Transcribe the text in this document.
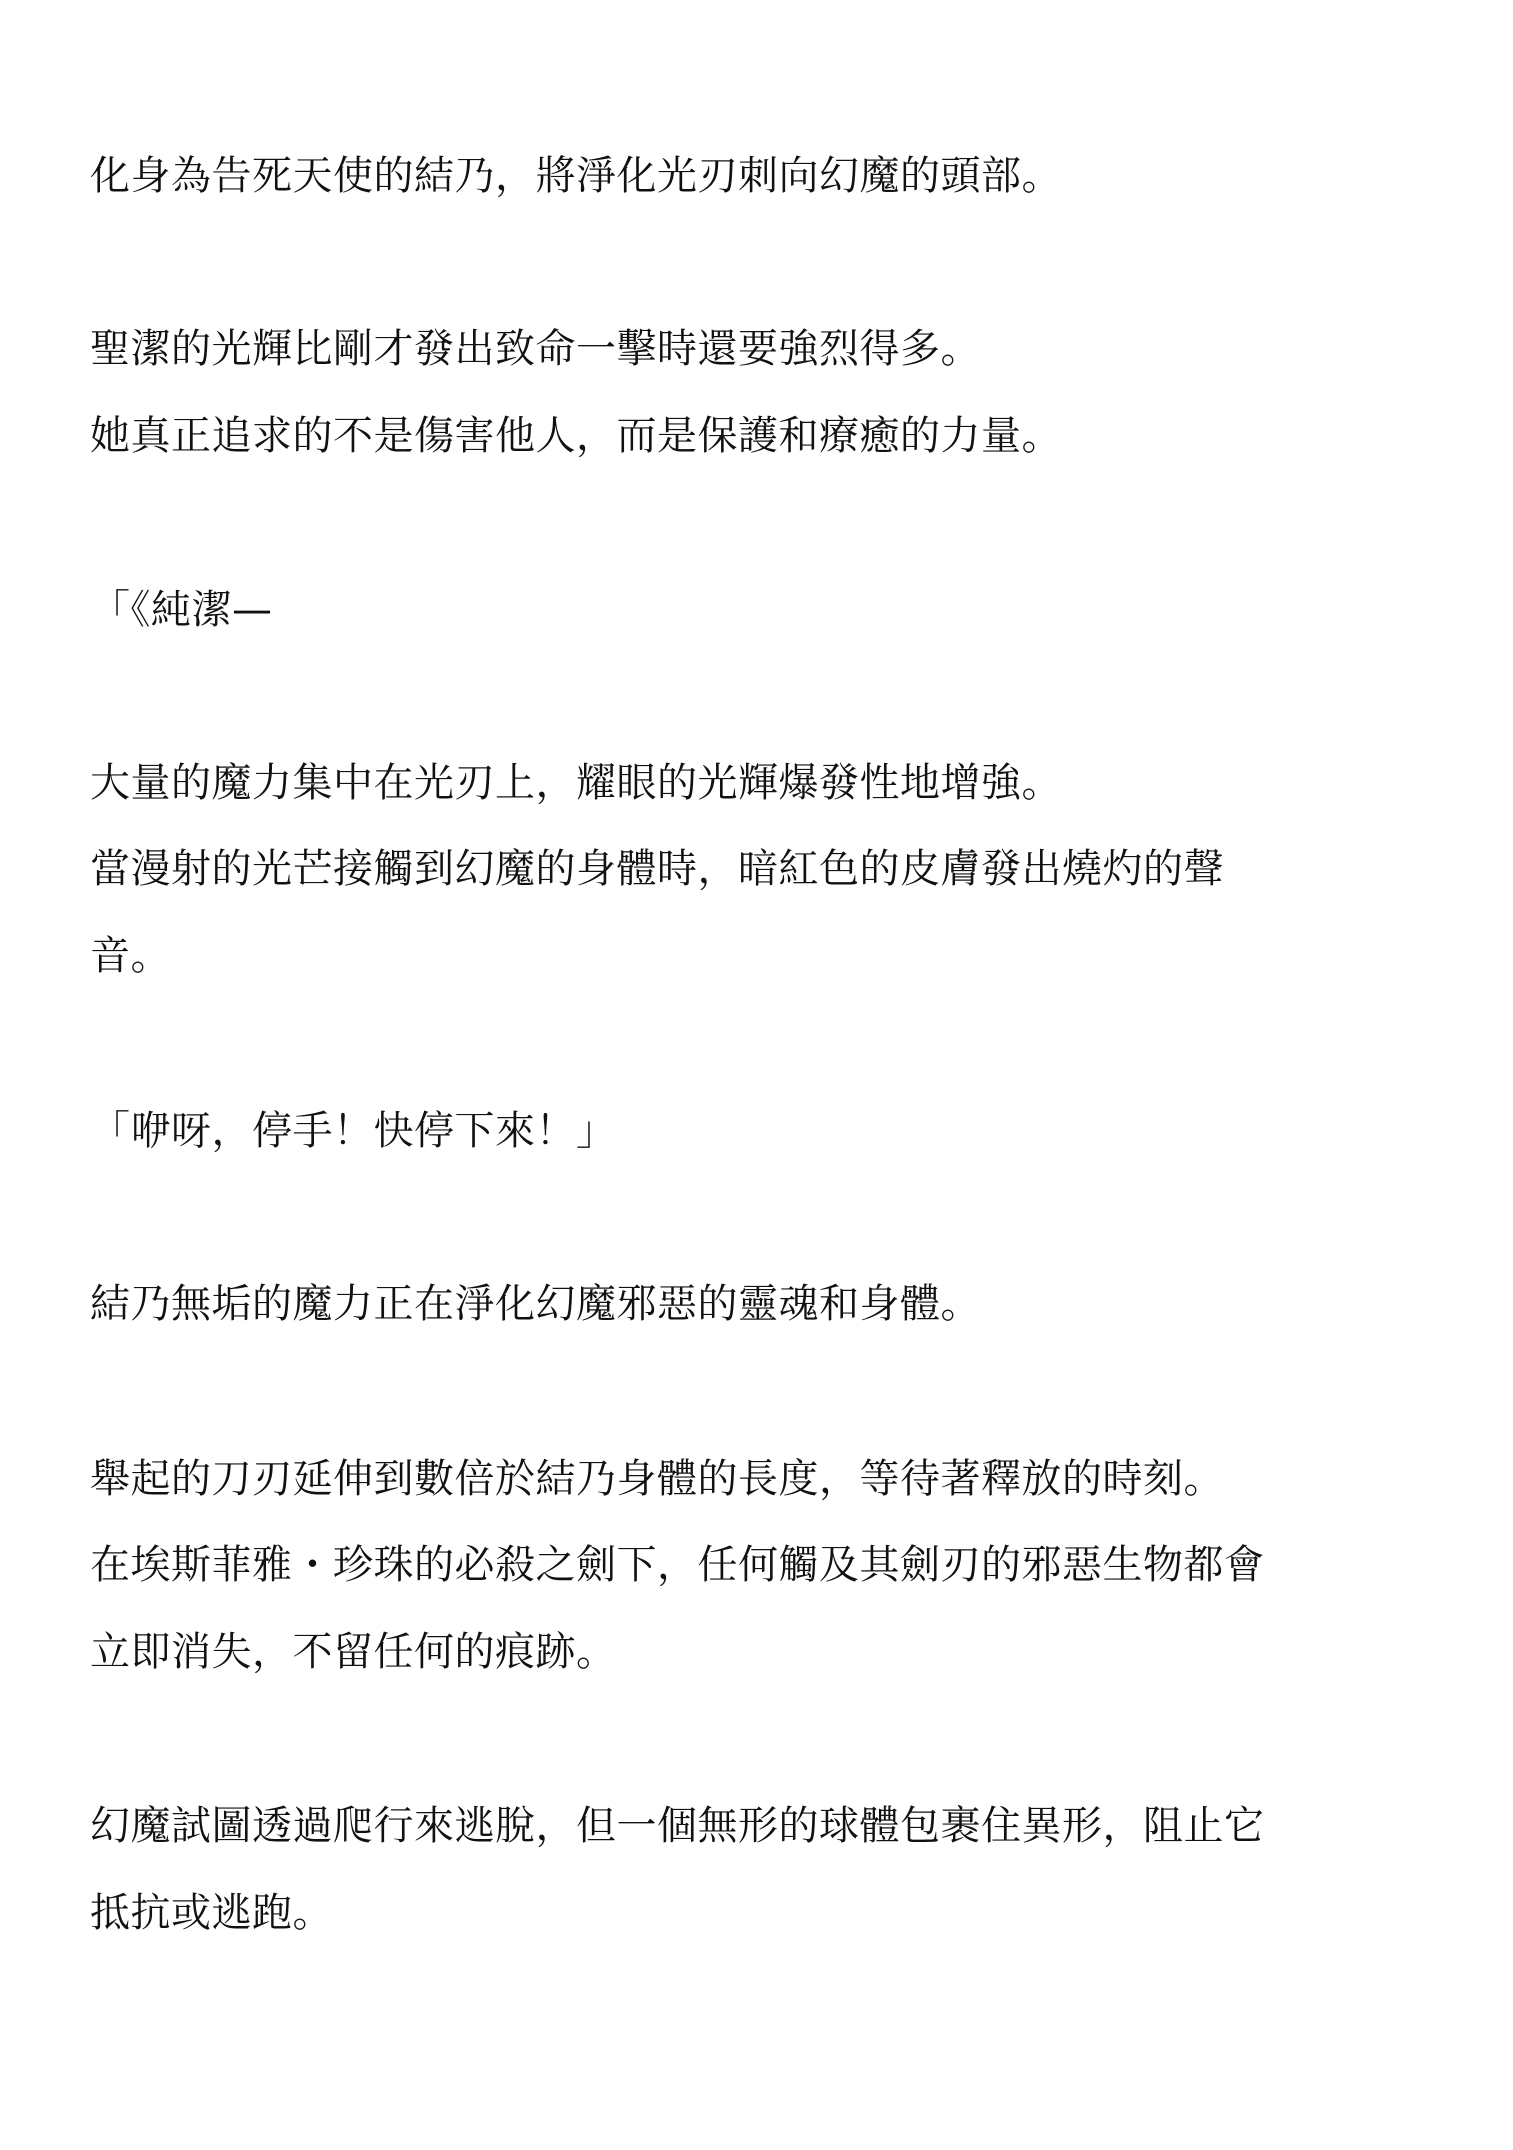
化身為告死天使的結乃，將淨化光刃刺向幻魔的頭部。

聖潔的光輝比剛才發出致命一擊時還要強烈得多。

她真正追求的不是傷害他人，而是保護和療癒的力量。

「《純潔—

大量的魔力集中在光刃上，耀眼的光輝爆發性地增強。

當漫射的光芒接觸到幻魔的身體時，暗紅色的皮膚發出燒灼的聲

音。

「咿呀，停手！快停下來！」

結乃無垢的魔力正在淨化幻魔邪惡的靈魂和身體。

舉起的刀刃延伸到數倍於結乃身體的長度，等待著釋放的時刻。

在埃斯菲雅・珍珠的必殺之劍下，任何觸及其劍刃的邪惡生物都會

立即消失，不留任何的痕跡。

幻魔試圖透過爬行來逃脫，但一個無形的球體包裹住異形，阻止它

抵抗或逃跑。
